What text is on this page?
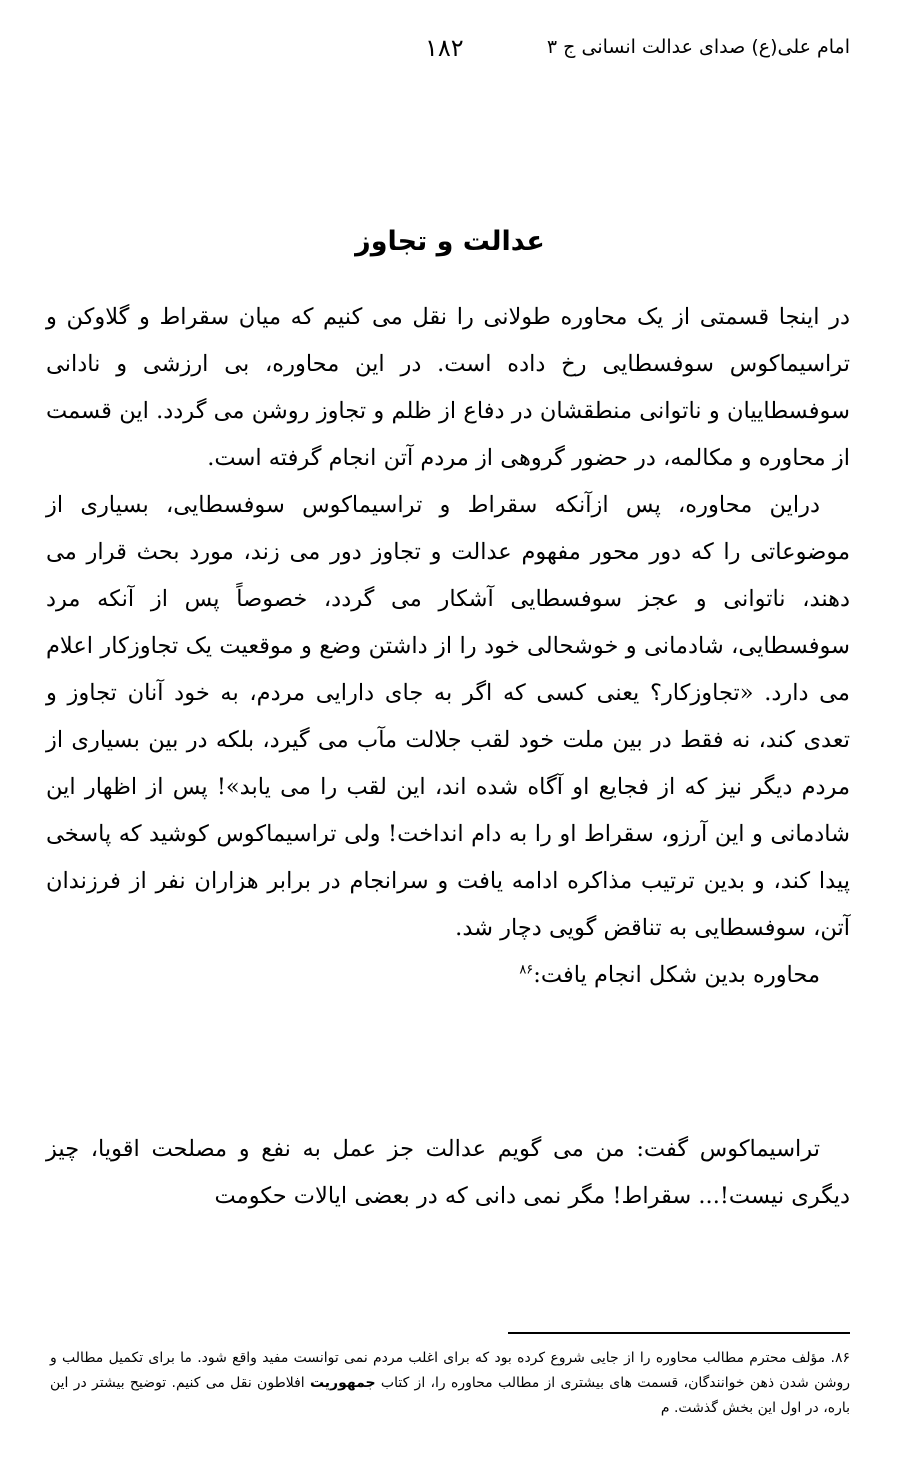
امام علی(ع) صدای عدالت انسانی ج ۳
۱۸۲
عدالت و تجاوز

در اینجا قسمتی از یک محاوره طولانی را نقل می کنیم که میان سقراط و گلاوکن و تراسیماکوس سوفسطایی رخ داده است. در این محاوره، بی ارزشی و نادانی سوفسطاییان و ناتوانی منطقشان در دفاع از ظلم و تجاوز روشن می گردد. این قسمت از محاوره و مکالمه، در حضور گروهی از مردم آتن انجام گرفته است.

دراین محاوره، پس ازآنکه سقراط و تراسیماکوس سوفسطایی، بسیاری از موضوعاتی را که دور محور مفهوم عدالت و تجاوز دور می زند، مورد بحث قرار می دهند، ناتوانی و عجز سوفسطایی آشکار می گردد، خصوصاً پس از آنکه مرد سوفسطایی، شادمانی و خوشحالی خود را از داشتن وضع و موقعیت یک تجاوزکار اعلام می دارد. «تجاوزکار؟ یعنی کسی که اگر به جای دارایی مردم، به خود آنان تجاوز و تعدی کند، نه فقط در بین ملت خود لقب جلالت مآب می گیرد، بلکه در بین بسیاری از مردم دیگر نیز که از فجایع او آگاه شده اند، این لقب را می یابد»! پس از اظهار این شادمانی و این آرزو، سقراط او را به دام انداخت! ولی تراسیماکوس کوشید که پاسخی پیدا کند، و بدین ترتیب مذاکره ادامه یافت و سرانجام در برابر هزاران نفر از فرزندان آتن، سوفسطایی به تناقض گویی دچار شد.

محاوره بدین شکل انجام یافت:$^{۸۶}$

تراسیماکوس گفت: من می گویم عدالت جز عمل به نفع و مصلحت اقویا، چیز دیگری نیست!... سقراط! مگر نمی دانی که در بعضی ایالات حکومت

۸۶. مؤلف محترم مطالب محاوره را از جایی شروع کرده بود که برای اغلب مردم نمی توانست مفید واقع شود. ما برای تکمیل مطالب و روشن شدن ذهن خوانندگان، قسمت های بیشتری از مطالب محاوره را، از کتاب جمهوریت افلاطون نقل می کنیم. توضیح بیشتر در این باره، در اول این بخش گذشت. م
